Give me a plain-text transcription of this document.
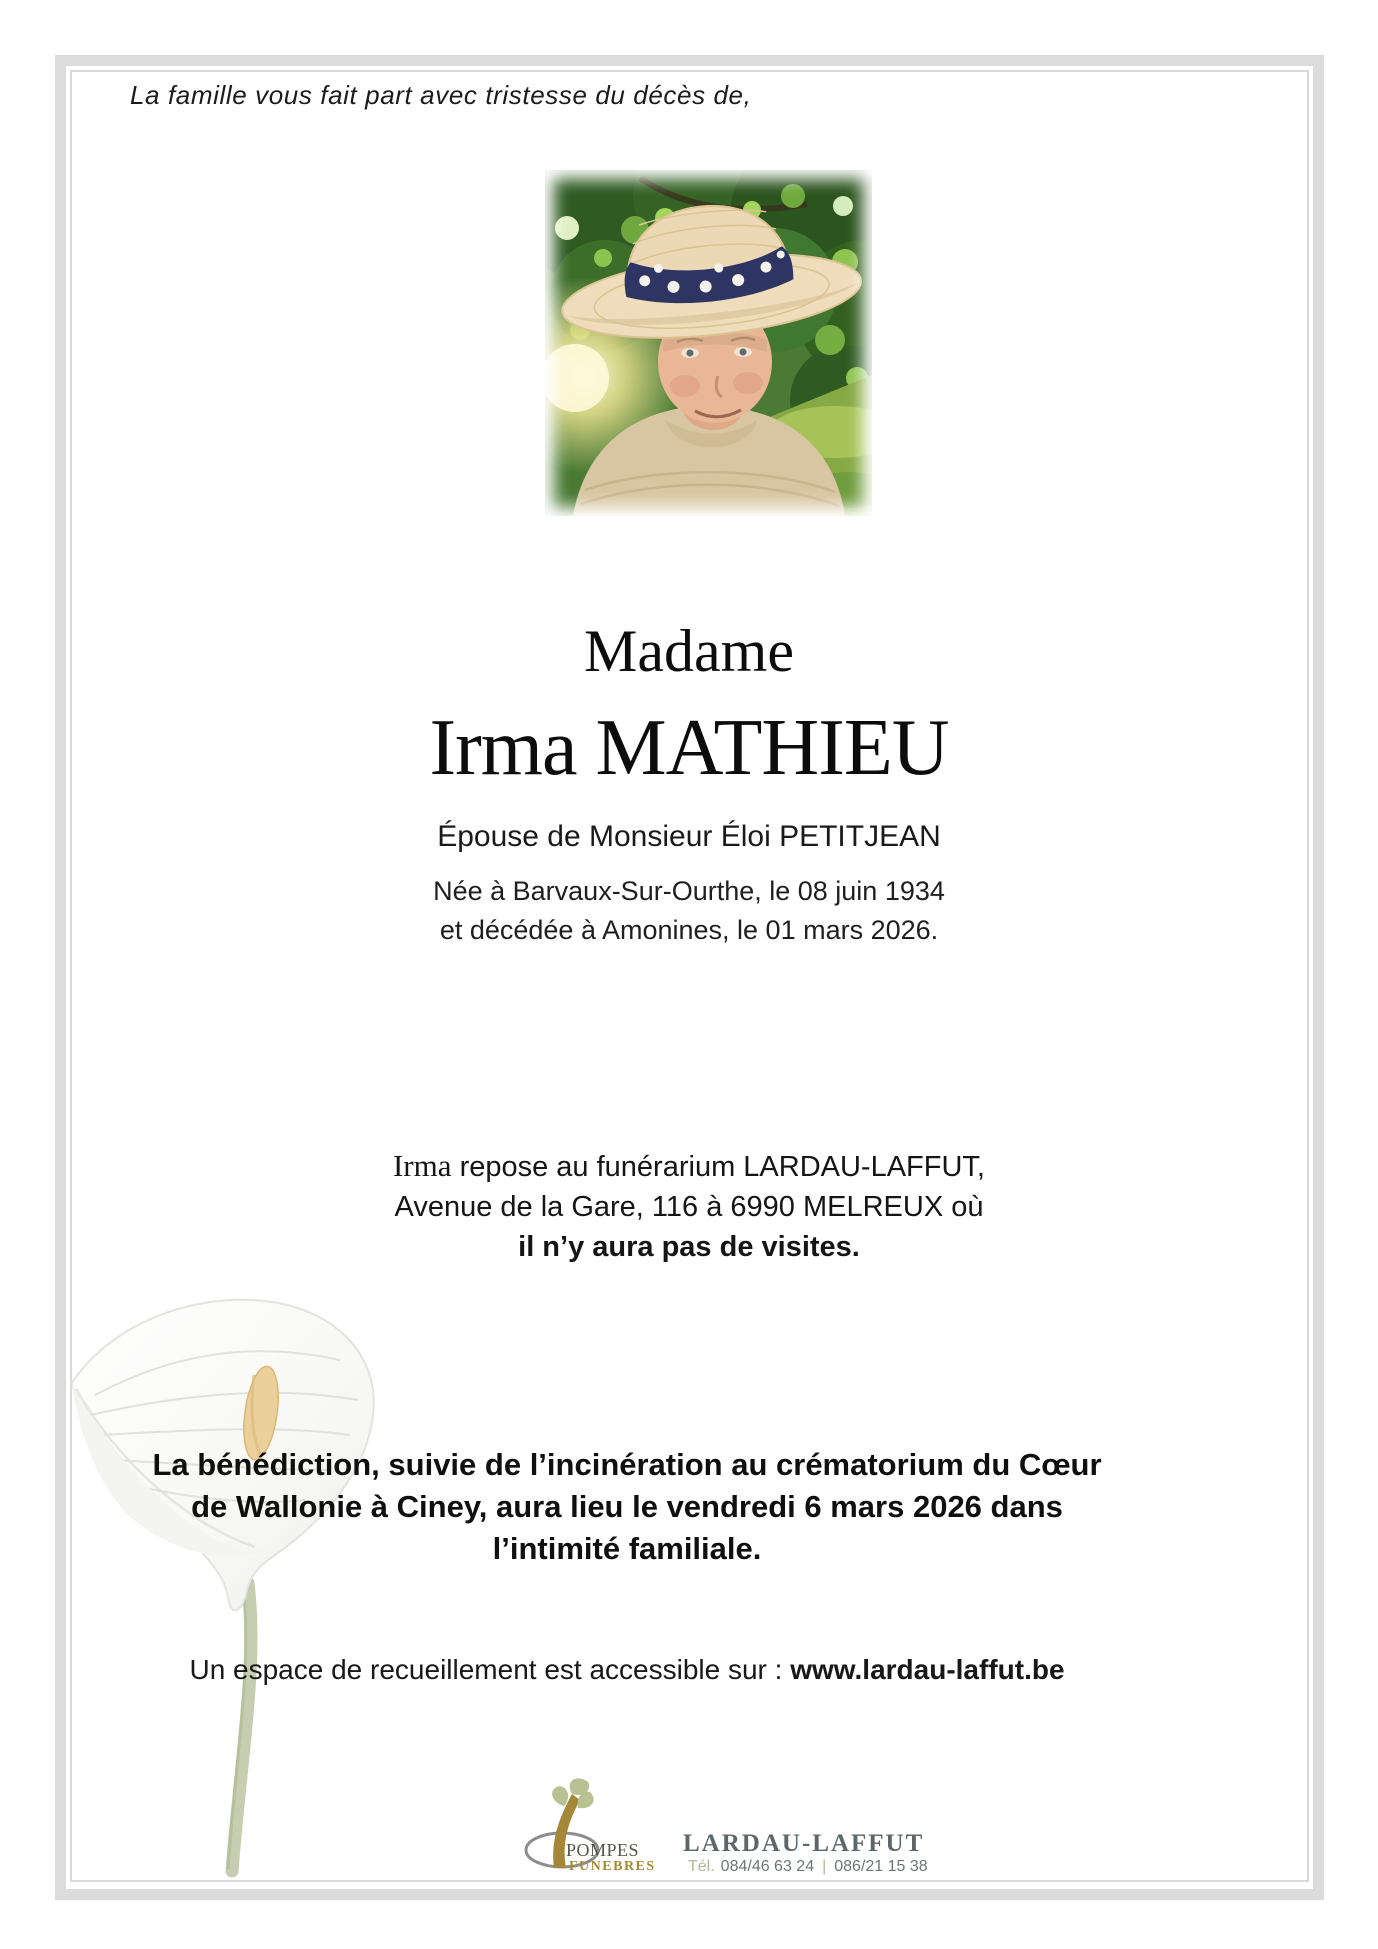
La famille vous fait part avec tristesse du décès de,
Madame
Irma MATHIEU
Épouse de Monsieur Éloi PETITJEAN
Née à Barvaux-Sur-Ourthe, le 08 juin 1934
et décédée à Amonines, le 01 mars 2026.
Irma repose au funérarium LARDAU-LAFFUT,
Avenue de la Gare, 116 à 6990 MELREUX où
il n’y aura pas de visites.
La bénédiction, suivie de l’incinération au crématorium du Cœur
de Wallonie à Ciney, aura lieu le vendredi 6 mars 2026 dans
l’intimité familiale.
Un espace de recueillement est accessible sur : www.lardau-laffut.be
POMPES
FUNEBRES
LARDAU-LAFFUT
Tél. 084/46 63 24 | 086/21 15 38
